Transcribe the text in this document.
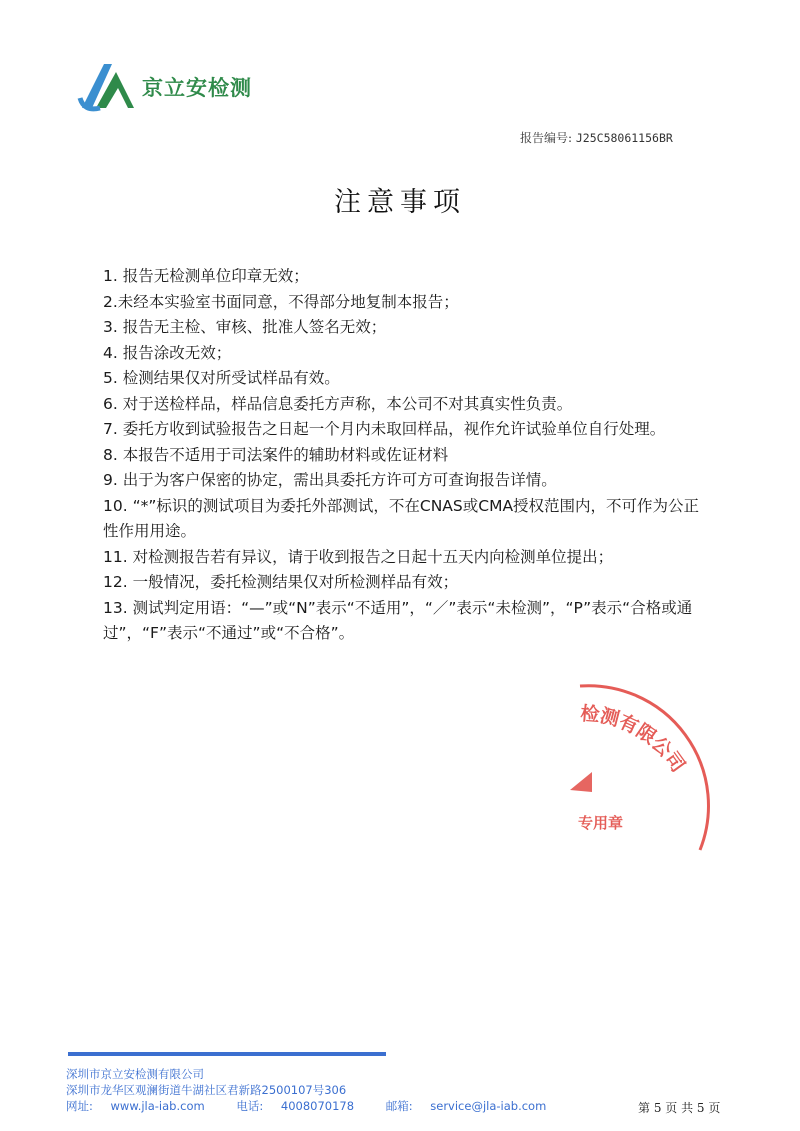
京立安检测
报告编号: J25C58061156BR
注意事项

1. 报告无检测单位印章无效；

2.未经本实验室书面同意，不得部分地复制本报告；

3. 报告无主检、审核、批准人签名无效；

4. 报告涂改无效；

5. 检测结果仅对所受试样品有效。

6. 对于送检样品，样品信息委托方声称，本公司不对其真实性负责。

7. 委托方收到试验报告之日起一个月内未取回样品，视作允许试验单位自行处理。

8. 本报告不适用于司法案件的辅助材料或佐证材料

9. 出于为客户保密的协定，需出具委托方许可方可查询报告详情。

10. “*”标识的测试项目为委托外部测试，不在CNAS或CMA授权范围内，不可作为公正性作用用途。

11. 对检测报告若有异议，请于收到报告之日起十五天内向检测单位提出；

12. 一般情况，委托检测结果仅对所检测样品有效；

13. 测试判定用语：“—”或“N”表示“不适用”，“／”表示“未检测”，“P”表示“合格或通过”，“F”表示“不通过”或“不合格”。

检测有限公司
专用章
深圳市京立安检测有限公司
深圳市龙华区观澜街道牛湖社区君新路2500107号306
网址: www.jla-iab.com	电话: 4008070178	邮箱: service@jla-iab.com	第 5 页 共 5 页
